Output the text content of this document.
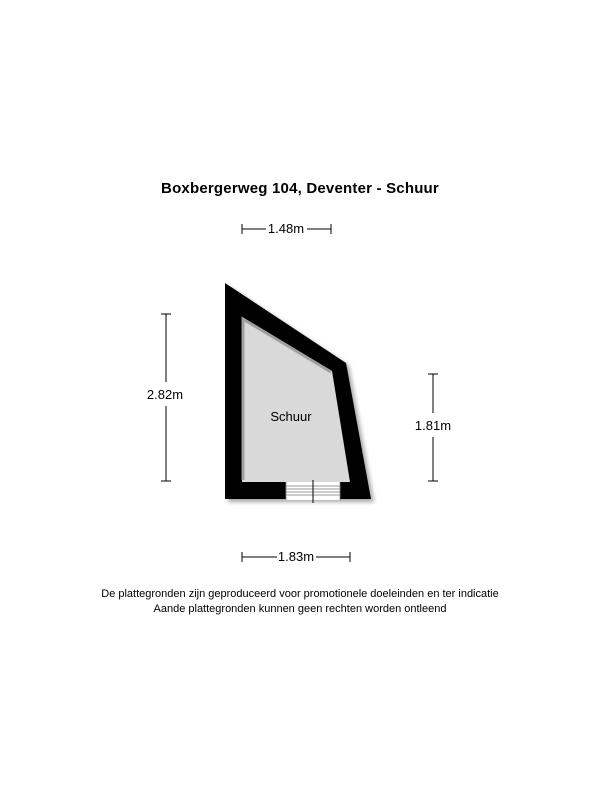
Boxbergerweg 104, Deventer - Schuur
Schuur
1.48m
2.82m
1.81m
1.83m
De plattegronden zijn geproduceerd voor promotionele doeleinden en ter indicatie
Aande plattegronden kunnen geen rechten worden ontleend
